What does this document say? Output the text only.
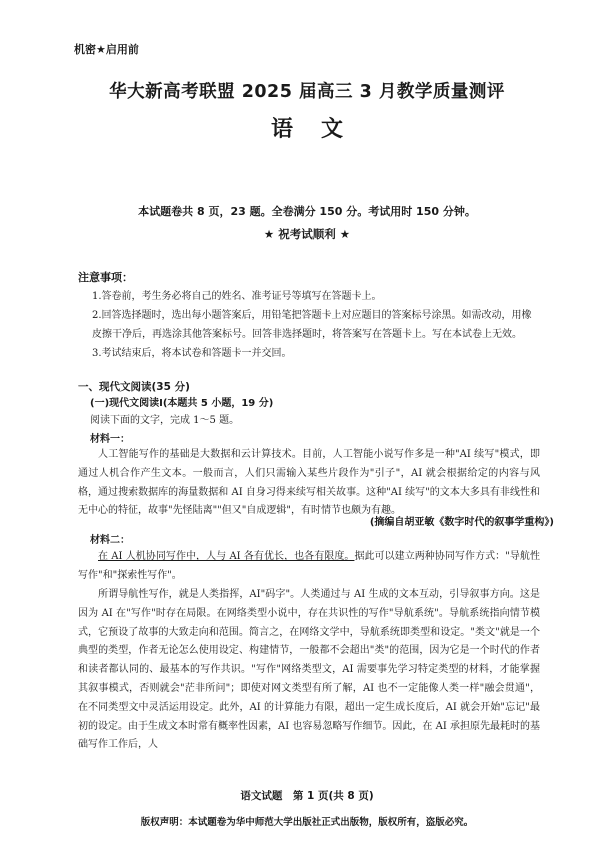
机密★启用前
华大新高考联盟 2025 届高三 3 月教学质量测评
语文
本试题卷共 8 页，23 题。全卷满分 150 分。考试用时 150 分钟。
★ 祝考试顺利 ★
注意事项：

1.答卷前，考生务必将自己的姓名、准考证号等填写在答题卡上。

2.回答选择题时，选出每小题答案后，用铅笔把答题卡上对应题目的答案标号涂黑。如需改动，用橡皮擦干净后，再选涂其他答案标号。回答非选择题时，将答案写在答题卡上。写在本试卷上无效。

3.考试结束后，将本试卷和答题卡一并交回。

一、现代文阅读(35 分)
(一)现代文阅读Ⅰ(本题共 5 小题，19 分)
阅读下面的文字，完成 1～5 题。
材料一：
人工智能写作的基础是大数据和云计算技术。目前，人工智能小说写作多是一种"AI 续写"模式，即通过人机合作产生文本。一般而言，人们只需输入某些片段作为"引子"，AI 就会根据给定的内容与风格，通过搜索数据库的海量数据和 AI 自身习得来续写相关故事。这种"AI 续写"的文本大多具有非线性和无中心的特征，故事"先怪陆离""但又"自成逻辑"，有时情节也颇为有趣。
(摘编自胡亚敏《数字时代的叙事学重构》)
材料二：
在 AI 人机协同写作中，人与 AI 各有优长，也各有限度。据此可以建立两种协同写作方式："导航性写作"和"探索性写作"。
所谓导航性写作，就是人类指挥，AI"码字"。人类通过与 AI 生成的文本互动，引导叙事方向。这是因为 AI 在"写作"时存在局限。在网络类型小说中，存在共识性的写作"导航系统"。导航系统指向情节模式，它预设了故事的大致走向和范围。简言之，在网络文学中，导航系统即类型和设定。"类文"就是一个典型的类型，作者无论怎么使用设定、构建情节，一般都不会超出"类"的范围，因为它是一个时代的作者和读者都认同的、最基本的写作共识。"写作"网络类型文，AI 需要事先学习特定类型的材料，才能掌握其叙事模式，否则就会"茫非所问"；即使对网文类型有所了解，AI 也不一定能像人类一样"融会贯通"，在不同类型文中灵活运用设定。此外，AI 的计算能力有限，超出一定生成长度后，AI 就会开始"忘记"最初的设定。由于生成文本时常有概率性因素，AI 也容易忽略写作细节。因此，在 AI 承担原先最耗时的基础写作工作后，人
语文试题　第 1 页(共 8 页)
版权声明：本试题卷为华中师范大学出版社正式出版物，版权所有，盗版必究。
